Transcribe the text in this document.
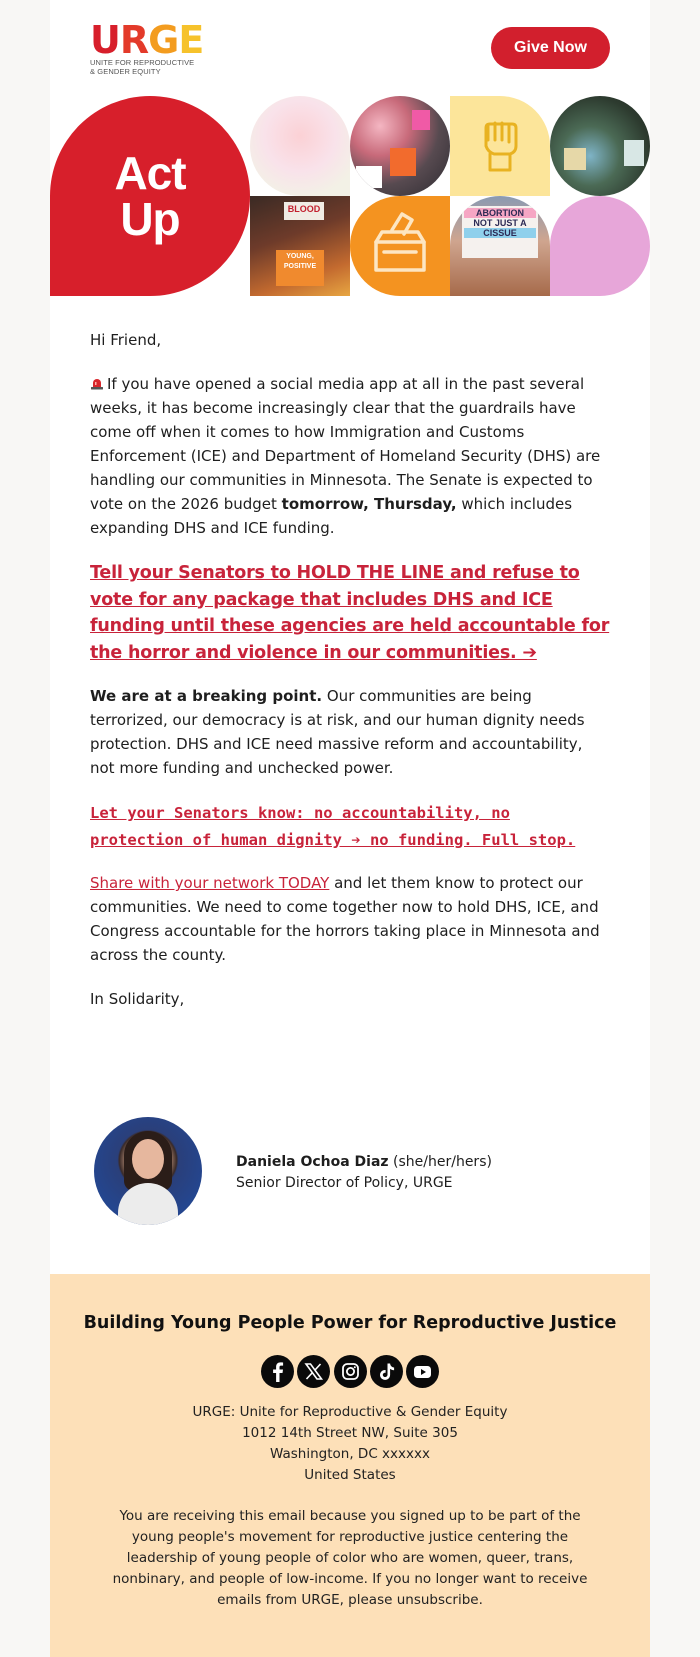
URGE
UNITE FOR REPRODUCTIVE
& GENDER EQUITY
Give Now
Act
Up	BLOOD
YOUNG,
POSITIVE
ABORTION
NOT JUST A
CISSUE

Hi Friend,

If you have opened a social media app at all in the past several weeks, it has become increasingly clear that the guardrails have come off when it comes to how Immigration and Customs Enforcement (ICE) and Department of Homeland Security (DHS) are handling our communities in Minnesota. The Senate is expected to vote on the 2026 budget tomorrow, Thursday, which includes expanding DHS and ICE funding.

Tell your Senators to HOLD THE LINE and refuse to vote for any package that includes DHS and ICE funding until these agencies are held accountable for the horror and violence in our communities. ➔

We are at a breaking point. Our communities are being terrorized, our democracy is at risk, and our human dignity needs protection. DHS and ICE need massive reform and accountability, not more funding and unchecked power.

Let your Senators know: no accountability, no protection of human dignity ➔ no funding. Full stop.

Share with your network TODAY and let them know to protect our communities. We need to come together now to hold DHS, ICE, and Congress accountable for the horrors taking place in Minnesota and across the county.

In Solidarity,

Daniela Ochoa Diaz (she/her/hers)
Senior Director of Policy, URGE
Building Young People Power for Reproductive Justice
URGE: Unite for Reproductive & Gender Equity
1012 14th Street NW, Suite 305
Washington, DC xxxxxx
United States
You are receiving this email because you signed up to be part of the young people's movement for reproductive justice centering the leadership of young people of color who are women, queer, trans, nonbinary, and people of low-income. If you no longer want to receive emails from URGE, please unsubscribe.
